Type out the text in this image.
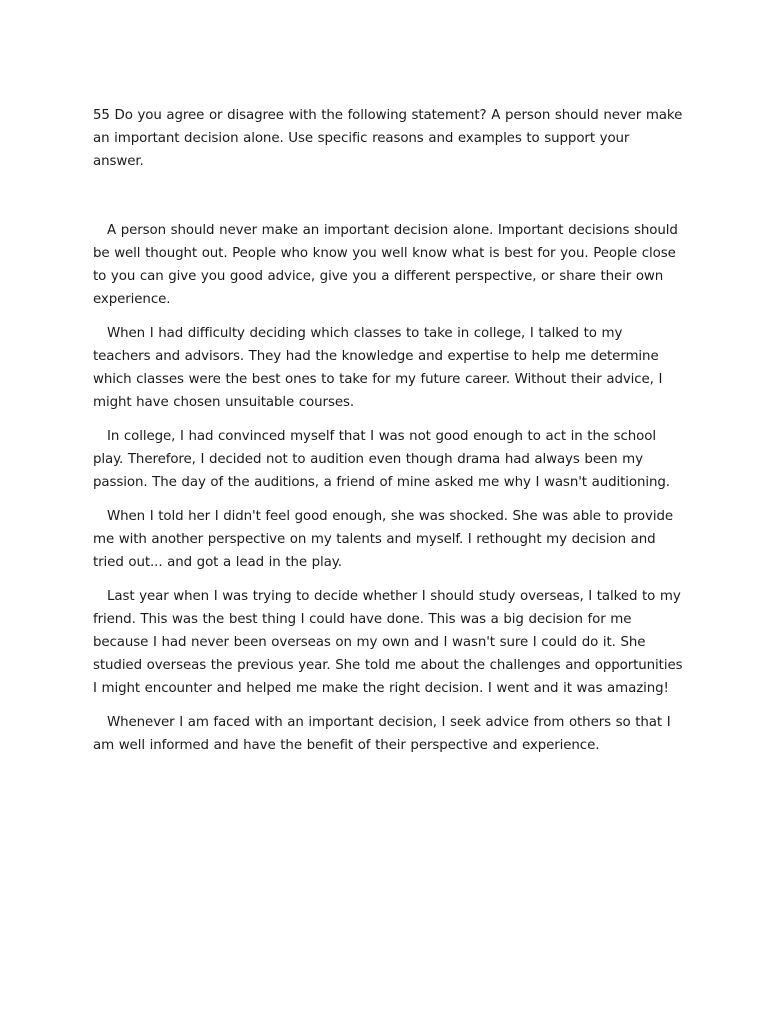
55 Do you agree or disagree with the following statement? A person should never make an important decision alone. Use specific reasons and examples to support your answer.

A person should never make an important decision alone. Important decisions should be well thought out. People who know you well know what is best for you. People close to you can give you good advice, give you a different perspective, or share their own experience.

When I had difficulty deciding which classes to take in college, I talked to my teachers and advisors. They had the knowledge and expertise to help me determine which classes were the best ones to take for my future career. Without their advice, I might have chosen unsuitable courses.

In college, I had convinced myself that I was not good enough to act in the school play. Therefore, I decided not to audition even though drama had always been my passion. The day of the auditions, a friend of mine asked me why I wasn't auditioning.

When I told her I didn't feel good enough, she was shocked. She was able to provide me with another perspective on my talents and myself. I rethought my decision and tried out... and got a lead in the play.

Last year when I was trying to decide whether I should study overseas, I talked to my friend. This was the best thing I could have done. This was a big decision for me because I had never been overseas on my own and I wasn't sure I could do it. She studied overseas the previous year. She told me about the challenges and opportunities I might encounter and helped me make the right decision. I went and it was amazing!

Whenever I am faced with an important decision, I seek advice from others so that I am well informed and have the benefit of their perspective and experience.
